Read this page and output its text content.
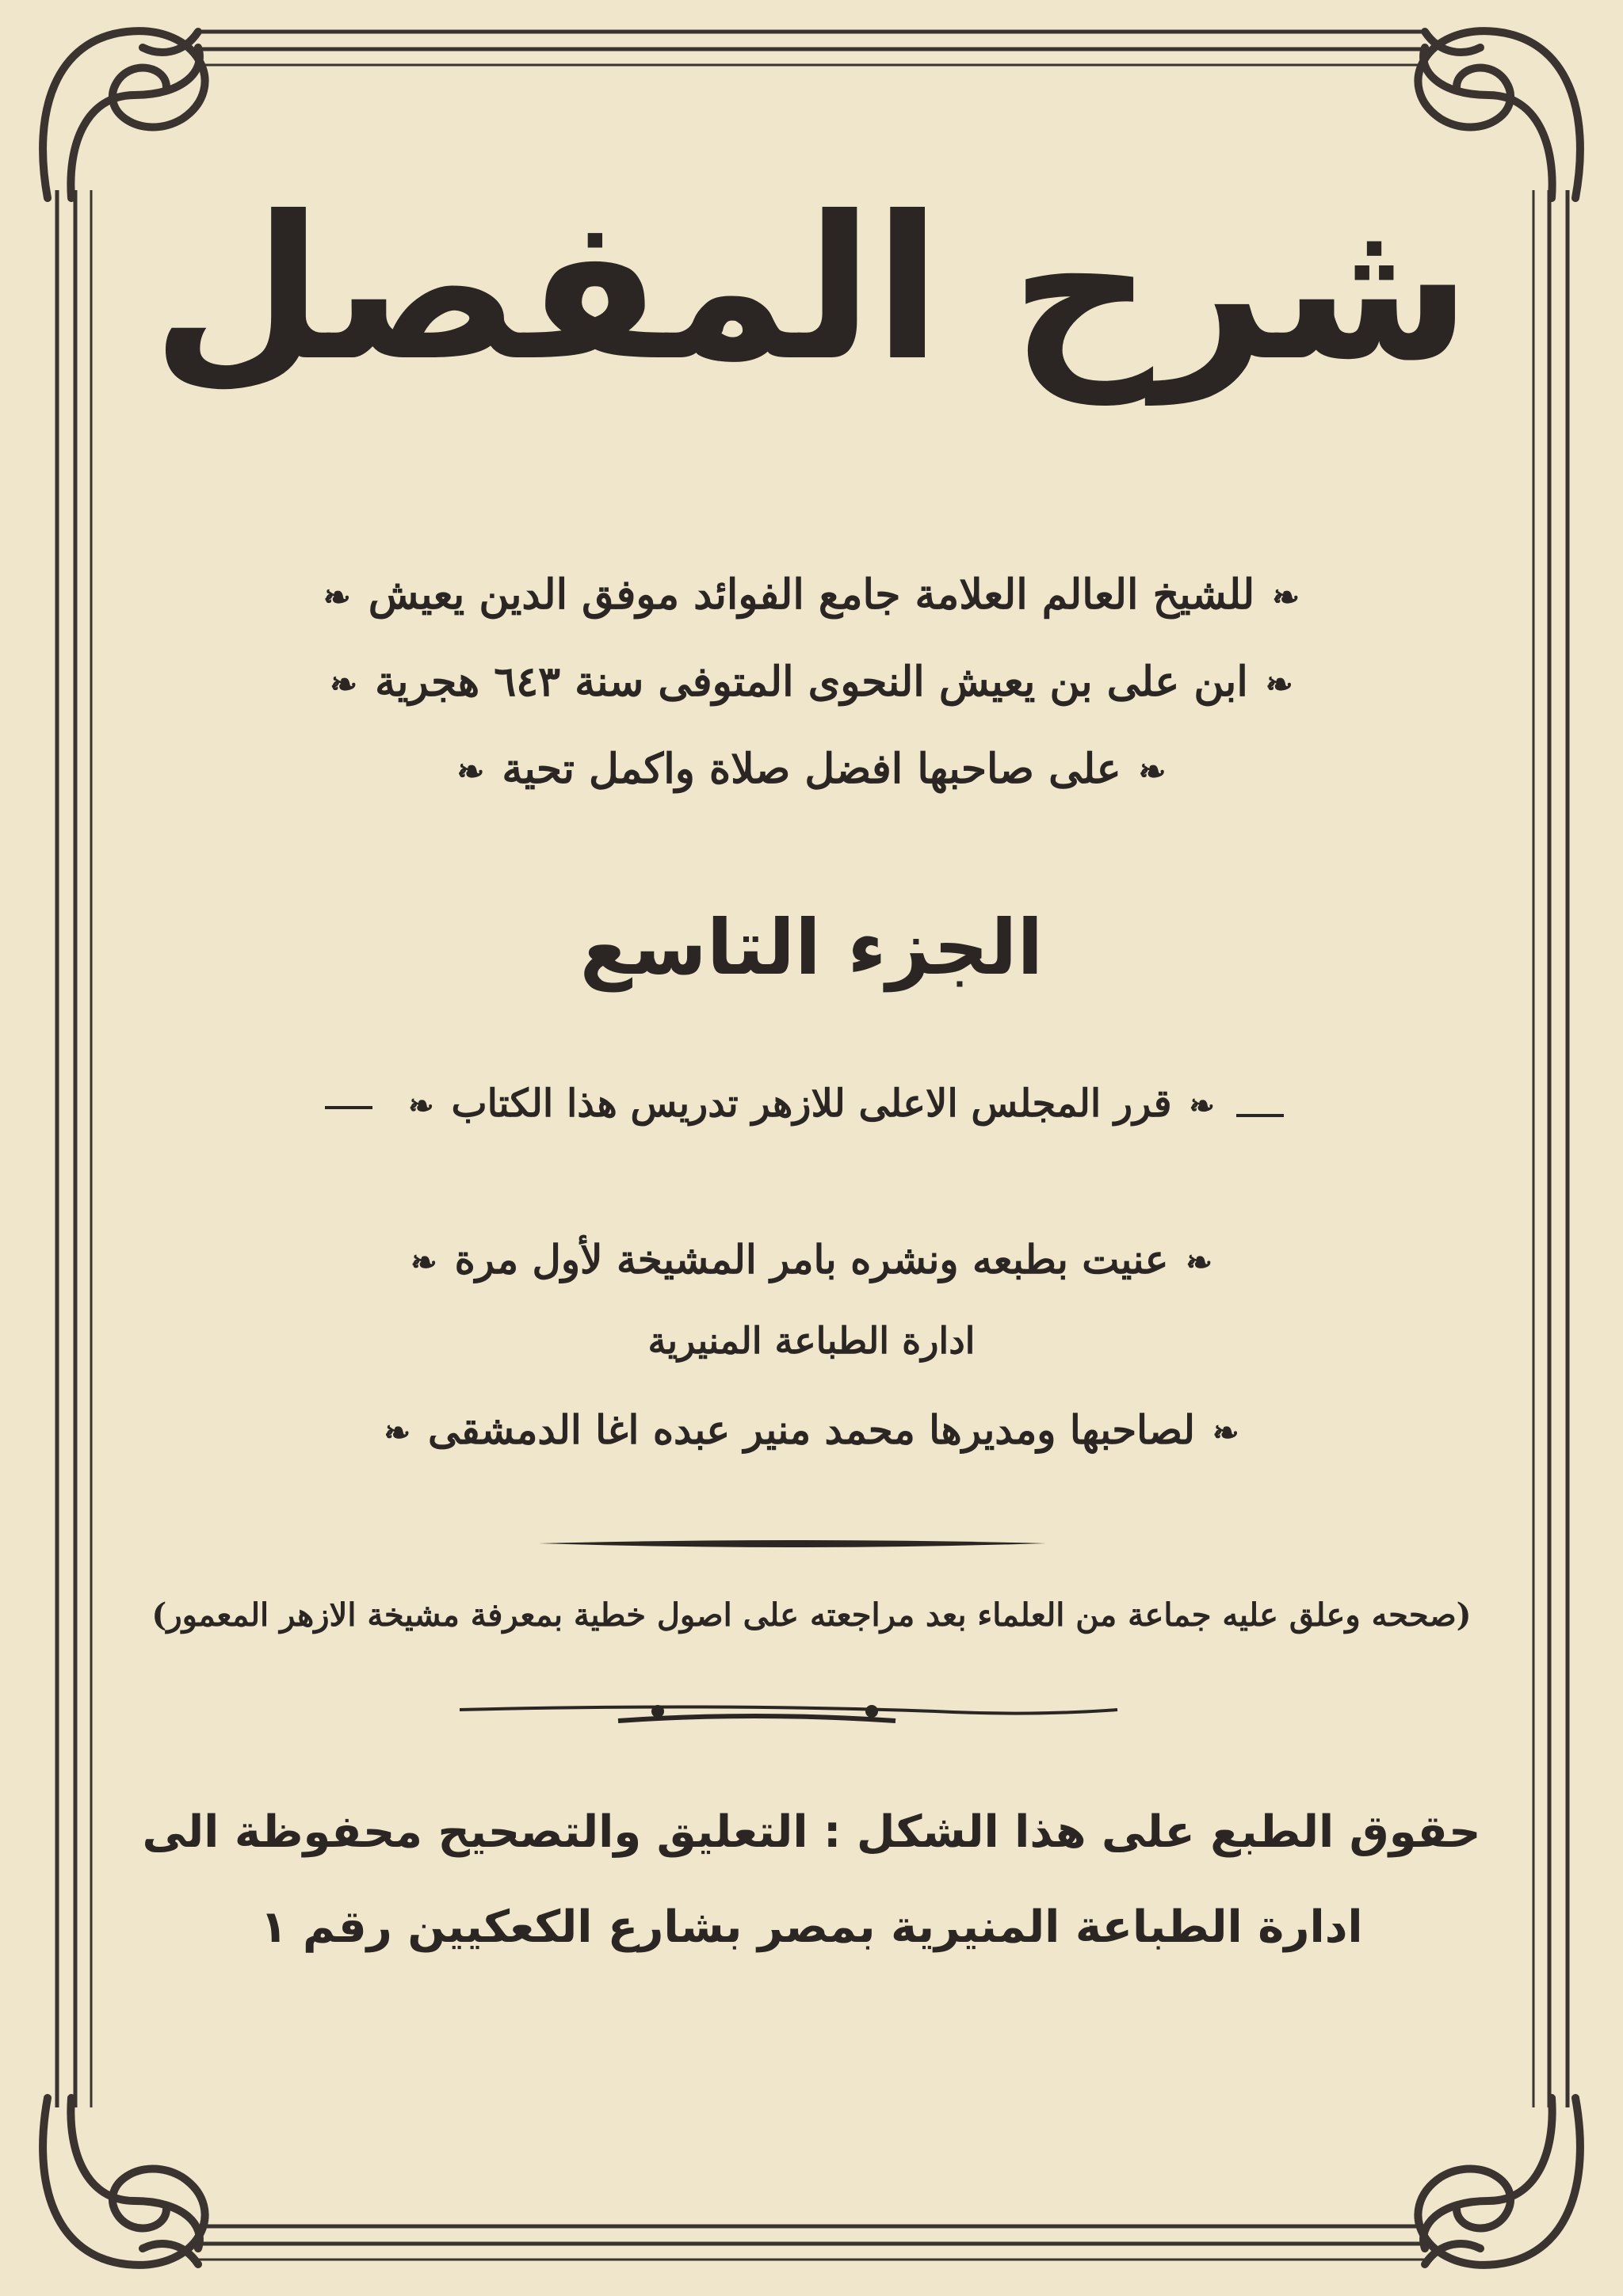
شرح المفصل
❧ للشيخ العالم العلامة جامع الفوائد موفق الدين يعيش ❧
❧ ابن على بن يعيش النحوى المتوفى سنة ٦٤٣ هجرية ❧
❧ على صاحبها افضل صلاة واكمل تحية ❧
الجزء التاسع
❧ قرر المجلس الاعلى للازهر تدريس هذا الكتاب ❧
❧ عنيت بطبعه ونشره بامر المشيخة لأول مرة ❧
ادارة الطباعة المنيرية
❧ لصاحبها ومديرها محمد منير عبده اغا الدمشقى ❧
(صححه وعلق عليه جماعة من العلماء بعد مراجعته على اصول خطية بمعرفة مشيخة الازهر المعمور)
حقوق الطبع على هذا الشكل : التعليق والتصحيح محفوظة الى
ادارة الطباعة المنيرية بمصر بشارع الكعكيين رقم ١
